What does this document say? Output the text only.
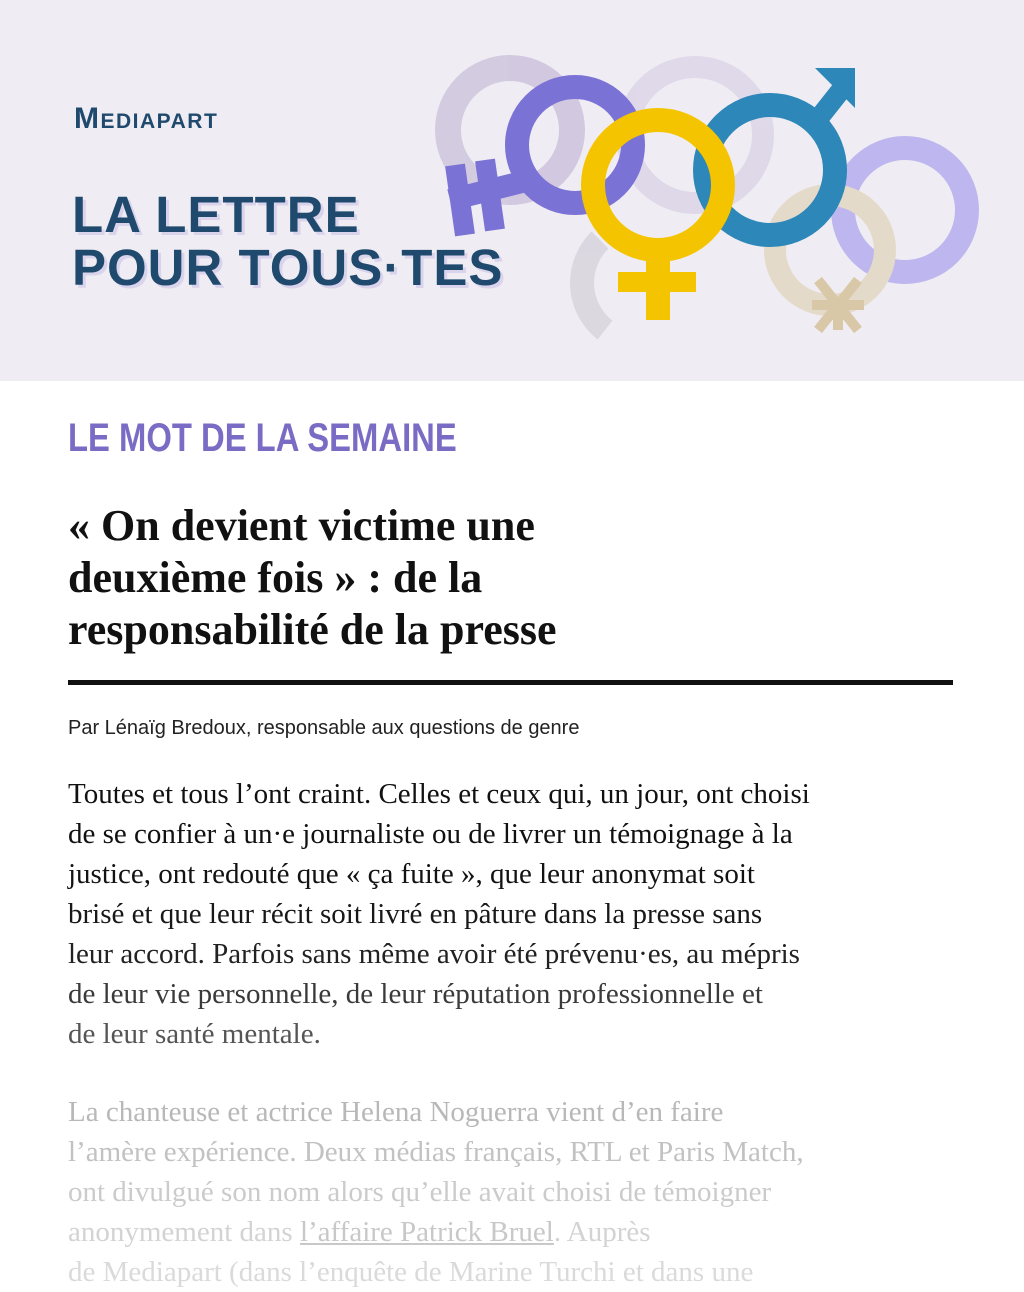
Mediapart
LA LETTRE
POUR TOUS·TES
LE MOT DE LA SEMAINE
« On devient victime une
deuxième fois » : de la
responsabilité de la presse
Par Lénaïg Bredoux, responsable aux questions de genre
Toutes et tous l’ont craint. Celles et ceux qui, un jour, ont choisi
de se confier à un·e journaliste ou de livrer un témoignage à la
justice, ont redouté que « ça fuite », que leur anonymat soit
brisé et que leur récit soit livré en pâture dans la presse sans
leur accord. Parfois sans même avoir été prévenu·es, au mépris
de leur vie personnelle, de leur réputation professionnelle et
de leur santé mentale.
La chanteuse et actrice Helena Noguerra vient d’en faire
l’amère expérience. Deux médias français, RTL et Paris Match,
ont divulgué son nom alors qu’elle avait choisi de témoigner
anonymement dans l’affaire Patrick Bruel. Auprès
de Mediapart (dans l’enquête de Marine Turchi et dans une
